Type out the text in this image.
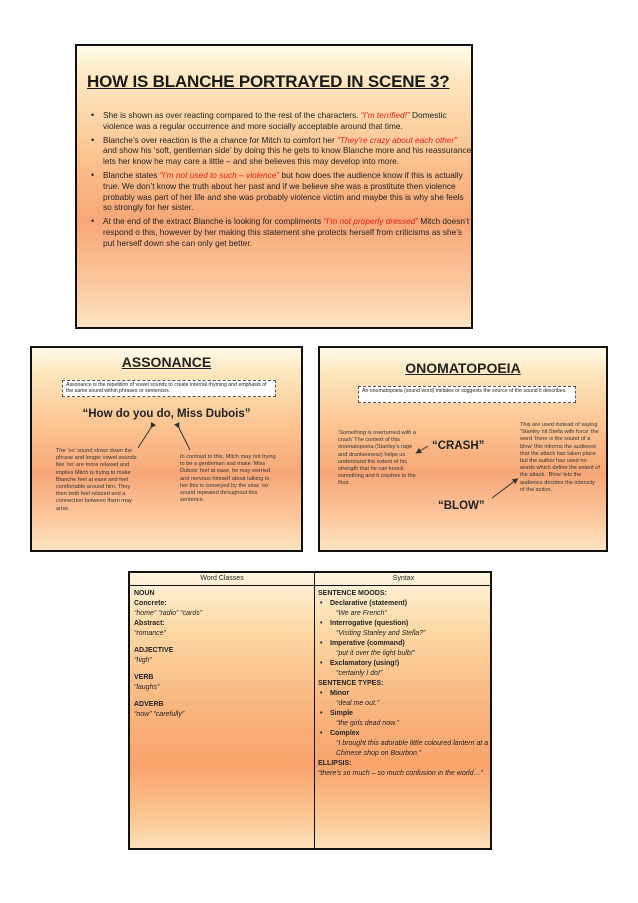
HOW IS BLANCHE PORTRAYED IN SCENE 3?
• She is shown as over reacting compared to the rest of the characters. “I’m terrified!” Domestic violence was a regular occurrence and more socially acceptable around that time.
• Blanche’s over reaction is the a chance for Mitch to comfort her “They’re crazy about each other” and show his ‘soft, gentleman side’ by doing this he gets to know Blanche more and his reassurance lets her know he may care a little – and she believes this may develop into more.
• Blanche states “I’m not used to such – violence” but how does the audience know if this is actually true. We don’t know the truth about her past and if we believe she was a prostitute then violence probably was part of her life and she was probably violence victim and maybe this is why she feels so strongly for her sister.
• At the end of the extract Blanche is looking for compliments “I’m not properly dressed” Mitch doesn’t respond o this, however by her making this statement she protects herself from criticisms as she’s put herself down she can only get better.
ASSONANCE
Assonance is the repetition of vowel sounds to create internal rhyming and emphasis of the same sound within phrases or sentences.
“How do you do, Miss Dubois”
The ‘oo’ sound slows down the phrase and longer vowel sounds like ‘oo’ are more relaxed and implies Mitch is trying to make Blanche feel at ease and feel comfortable around him. They then both feel relaxed and a connection between them may arise.
In contrast to this, Mitch may not trying to be a gentleman and make ‘Miss Dubois’ feel at ease, he may worried and nervous himself about talking to her this is conveyed by the slow ‘oo’ sound repeated throughout this sentence.
ONOMATOPOEIA
An onomatopoeia (sound word) imitates or suggests the source of the sound it describes.
‘Something is overturned with a crash’ The context of this onomatopoeia (Stanley’s rage and drunkenness) helps us understand the extent of his strength that he can knock something and it crashes to the floor.
“CRASH”
“BLOW”
This are used instead of saying ‘Stanley hit Stella with force’ the word ‘there is the sound of a blow’ this informs the audience that the attack has taken place but the author has used no words which define the extent of the attack. ‘Blow’ lets the audience decides the intensity of the action.
Word Classes	Syntax
NOUN
Concrete:
“home” “radio” “cards”
Abstract:
“romance”
ADJECTIVE
“high”
VERB
“laughs”
ADVERB
“now” “carefully”
SENTENCE MOODS:
• Declarative (statement)
“We are French”
• Interrogative (question)
“Visiting Stanley and Stella?”
• Imperative (command)
“put it over the light bulb!”
• Exclamatory (using!)
“certainly I do!”
SENTENCE TYPES:
• Minor
“deal me out.”
• Simple
“the girls dead now.”
• Complex
“I brought this adorable little coloured lantern at a Chinese shop on Bourbon.”
ELLIPSIS:
“there’s so much – so much confusion in the world…”
